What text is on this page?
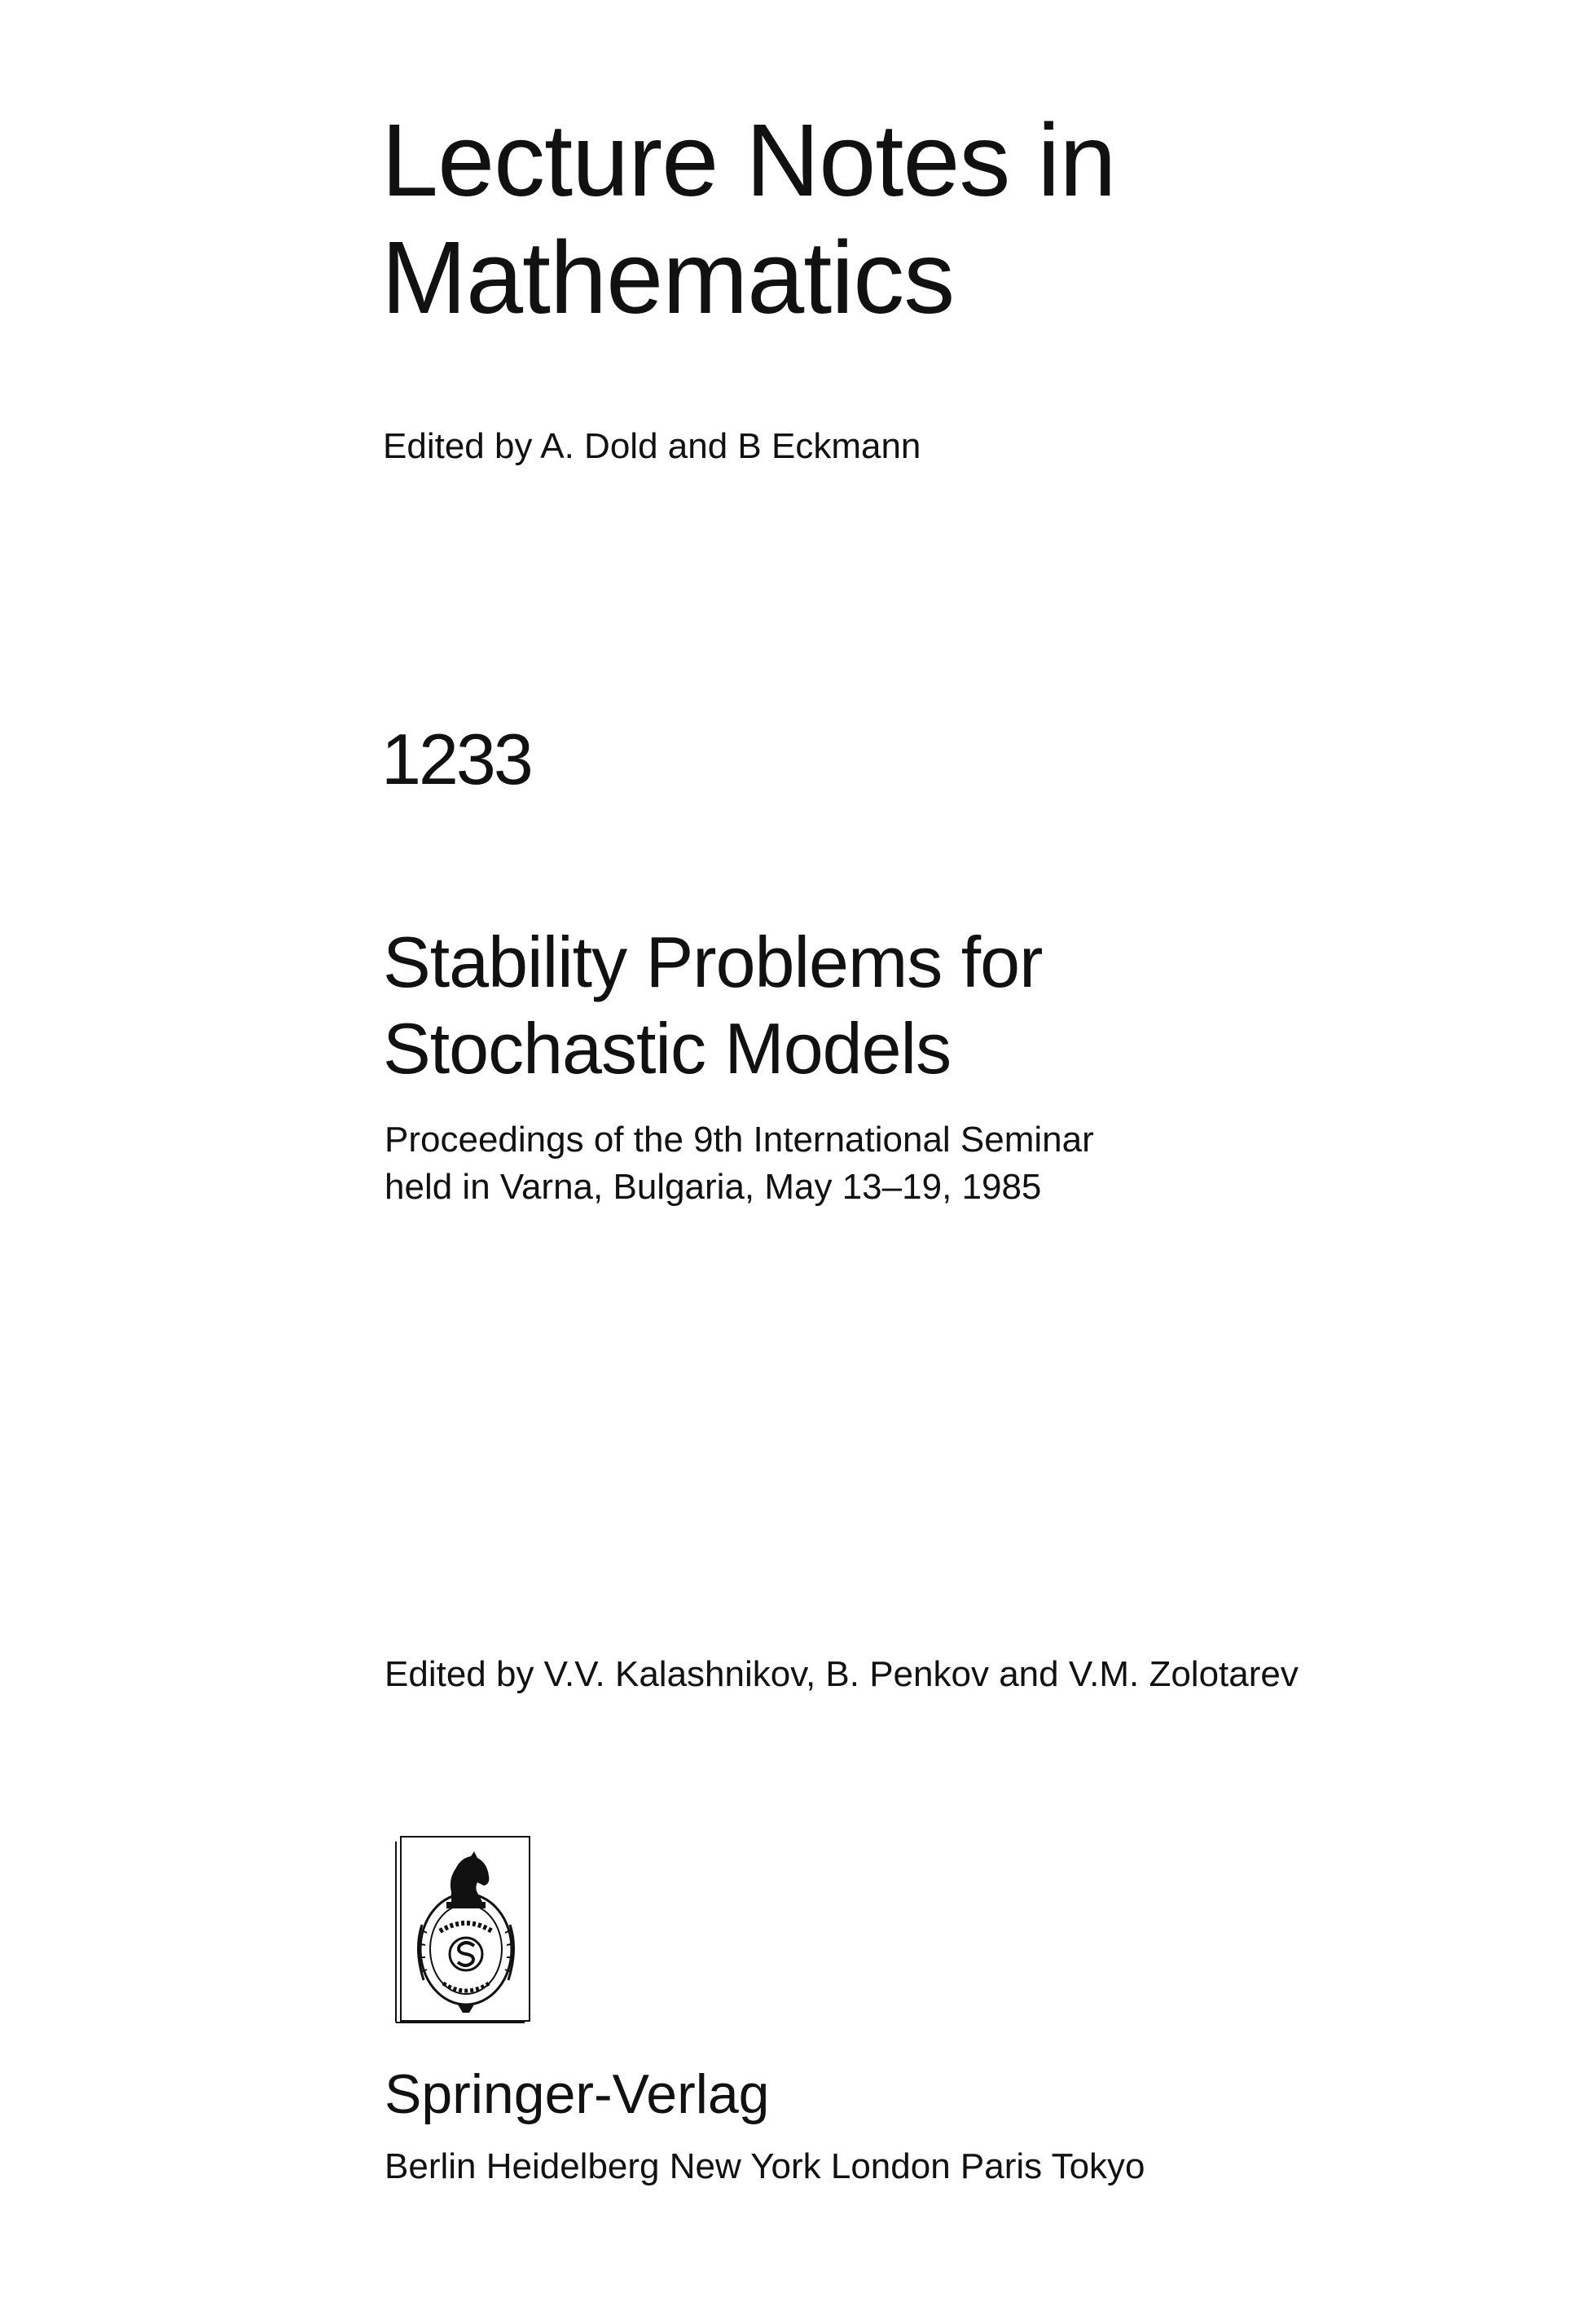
Lecture Notes in
Mathematics
Edited by A. Dold and B Eckmann
1233
Stability Problems for
Stochastic Models
Proceedings of the 9th International Seminar
held in Varna, Bulgaria, May 13–19, 1985
Edited by V.V. Kalashnikov, B. Penkov and V.M. Zolotarev
Springer-Verlag
Berlin Heidelberg New York London Paris Tokyo
